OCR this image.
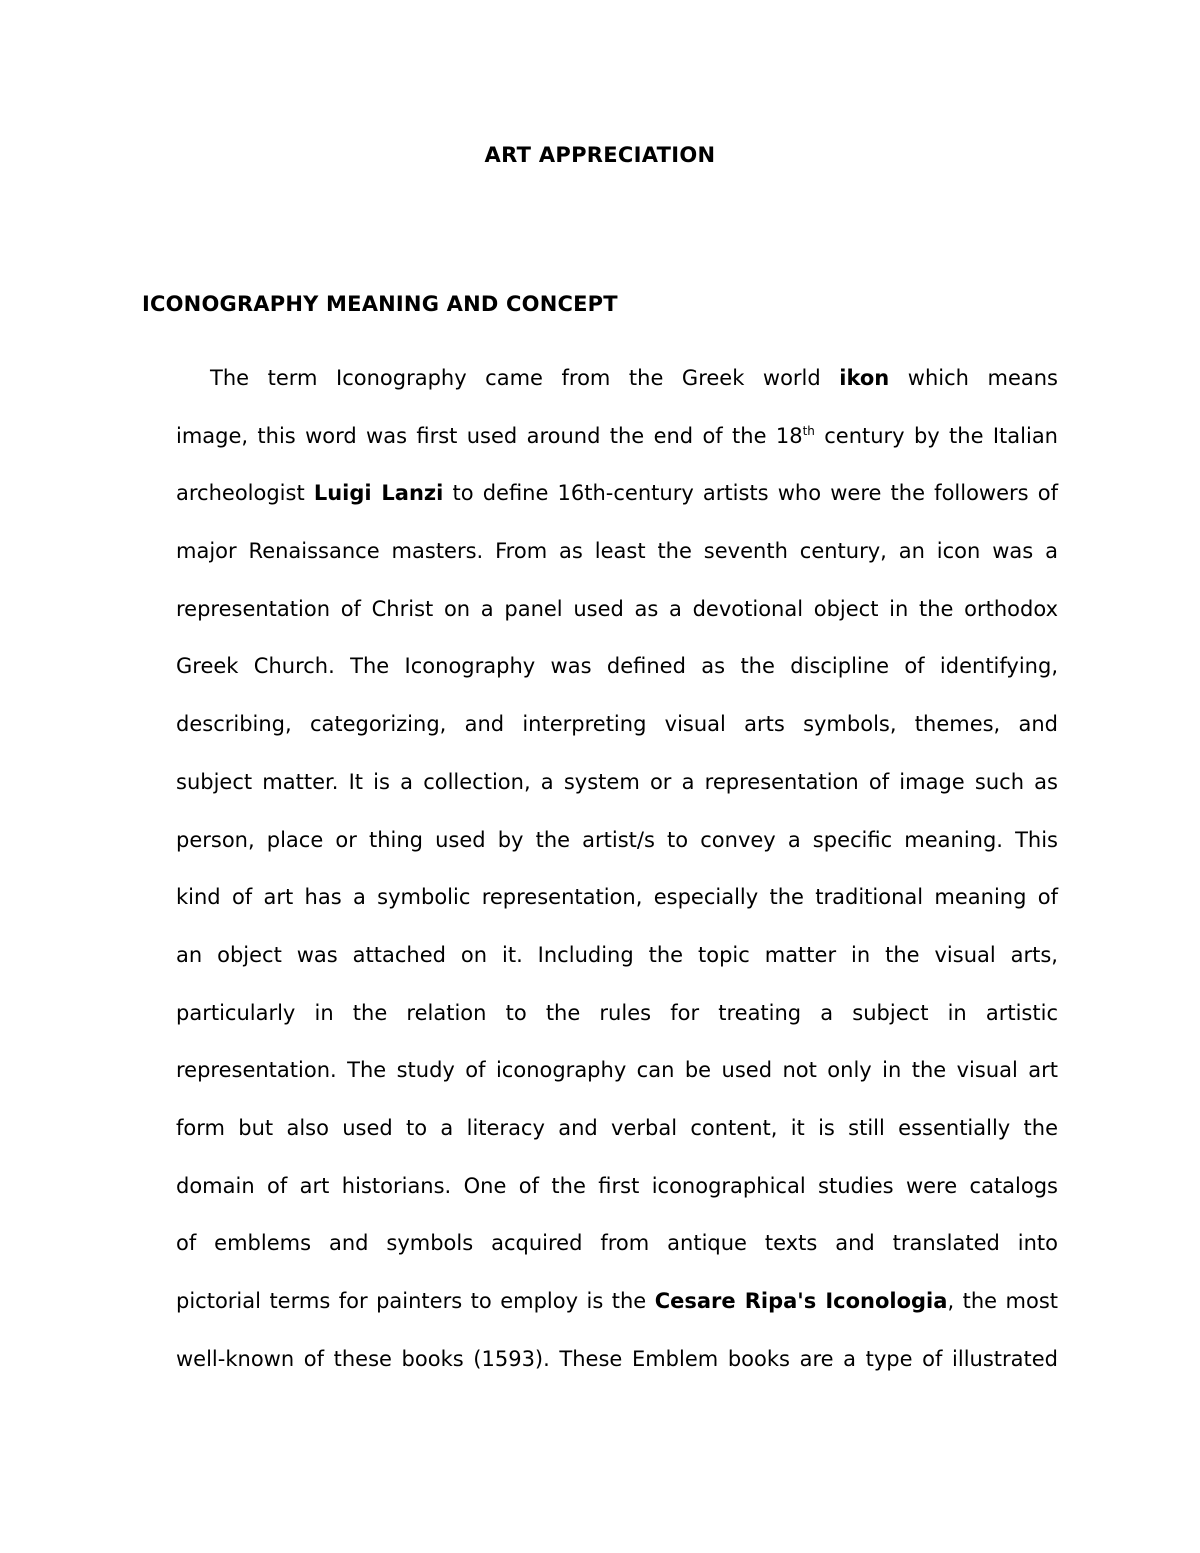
ART APPRECIATION
ICONOGRAPHY MEANING AND CONCEPT
The term Iconography came from the Greek world ikon which means
image, this word was first used around the end of the 18th century by the Italian
archeologist Luigi Lanzi to define 16th-century artists who were the followers of
major Renaissance masters. From as least the seventh century, an icon was a
representation of Christ on a panel used as a devotional object in the orthodox
Greek Church. The Iconography was defined as the discipline of identifying,
describing, categorizing, and interpreting visual arts symbols, themes, and
subject matter. It is a collection, a system or a representation of image such as
person, place or thing used by the artist/s to convey a specific meaning. This
kind of art has a symbolic representation, especially the traditional meaning of
an object was attached on it. Including the topic matter in the visual arts,
particularly in the relation to the rules for treating a subject in artistic
representation. The study of iconography can be used not only in the visual art
form but also used to a literacy and verbal content, it is still essentially the
domain of art historians. One of the first iconographical studies were catalogs
of emblems and symbols acquired from antique texts and translated into
pictorial terms for painters to employ is the Cesare Ripa's Iconologia, the most
well-known of these books (1593). These Emblem books are a type of illustrated
